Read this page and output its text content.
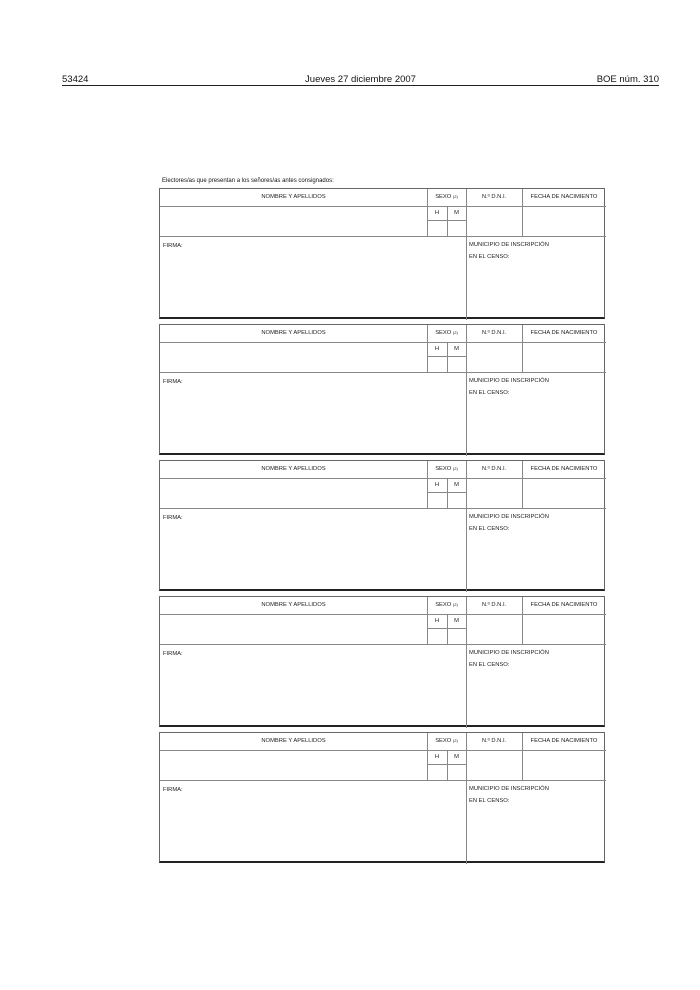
53424	Jueves 27 diciembre 2007	BOE núm. 310
Electores/as que presentan a los señores/as antes consignados:
NOMBRE Y APELLIDOS	SEXO $^{(2)}$	N.º D.N.I.	FECHA DE NACIMIENTO
H	M
FIRMA:	MUNICIPIO DE INSCRIPCIÓN
EN EL CENSO:
NOMBRE Y APELLIDOS	SEXO $^{(2)}$	N.º D.N.I.	FECHA DE NACIMIENTO
H	M
FIRMA:	MUNICIPIO DE INSCRIPCIÓN
EN EL CENSO:
NOMBRE Y APELLIDOS	SEXO $^{(2)}$	N.º D.N.I.	FECHA DE NACIMIENTO
H	M
FIRMA:	MUNICIPIO DE INSCRIPCIÓN
EN EL CENSO:
NOMBRE Y APELLIDOS	SEXO $^{(2)}$	N.º D.N.I.	FECHA DE NACIMIENTO
H	M
FIRMA:	MUNICIPIO DE INSCRIPCIÓN
EN EL CENSO:
NOMBRE Y APELLIDOS	SEXO $^{(2)}$	N.º D.N.I.	FECHA DE NACIMIENTO
H	M
FIRMA:	MUNICIPIO DE INSCRIPCIÓN
EN EL CENSO:
